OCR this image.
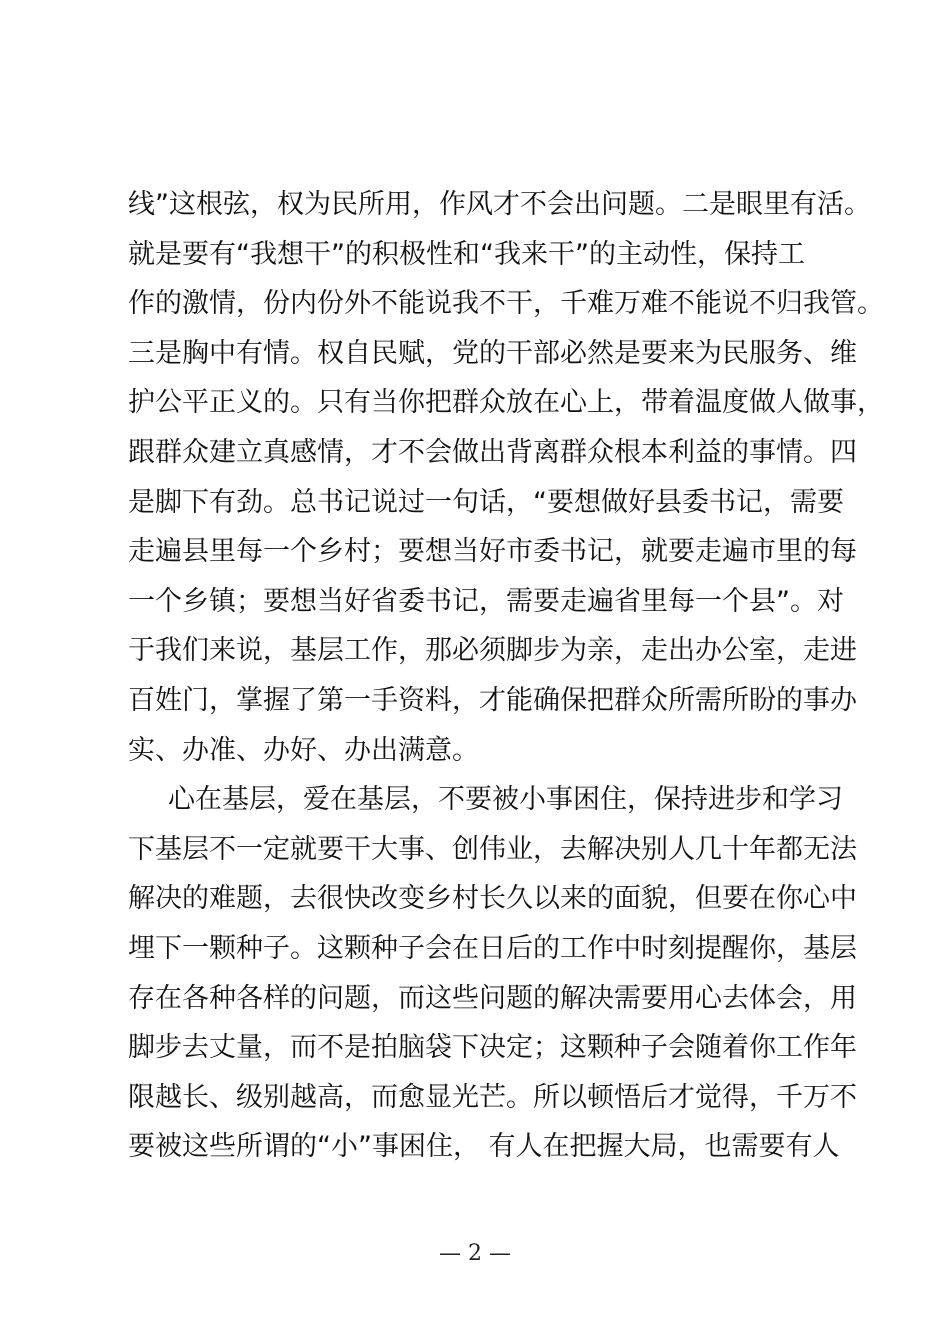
线”这根弦，权为民所用，作风才不会出问题。二是眼里有活。
就是要有“我想干”的积极性和“我来干”的主动性，保持工
作的激情，份内份外不能说我不干，千难万难不能说不归我管。
三是胸中有情。权自民赋，党的干部必然是要来为民服务、维
护公平正义的。只有当你把群众放在心上，带着温度做人做事，
跟群众建立真感情，才不会做出背离群众根本利益的事情。四
是脚下有劲。总书记说过一句话，“要想做好县委书记，需要
走遍县里每一个乡村；要想当好市委书记，就要走遍市里的每
一个乡镇；要想当好省委书记，需要走遍省里每一个县”。对
于我们来说，基层工作，那必须脚步为亲，走出办公室，走进
百姓门，掌握了第一手资料，才能确保把群众所需所盼的事办
实、办准、办好、办出满意。
心在基层，爱在基层，不要被小事困住，保持进步和学习
下基层不一定就要干大事、创伟业，去解决别人几十年都无法
解决的难题，去很快改变乡村长久以来的面貌，但要在你心中
埋下一颗种子。这颗种子会在日后的工作中时刻提醒你，基层
存在各种各样的问题，而这些问题的解决需要用心去体会，用
脚步去丈量，而不是拍脑袋下决定；这颗种子会随着你工作年
限越长、级别越高，而愈显光芒。所以顿悟后才觉得，千万不
要被这些所谓的“小”事困住， 有人在把握大局，也需要有人
— 2 —
